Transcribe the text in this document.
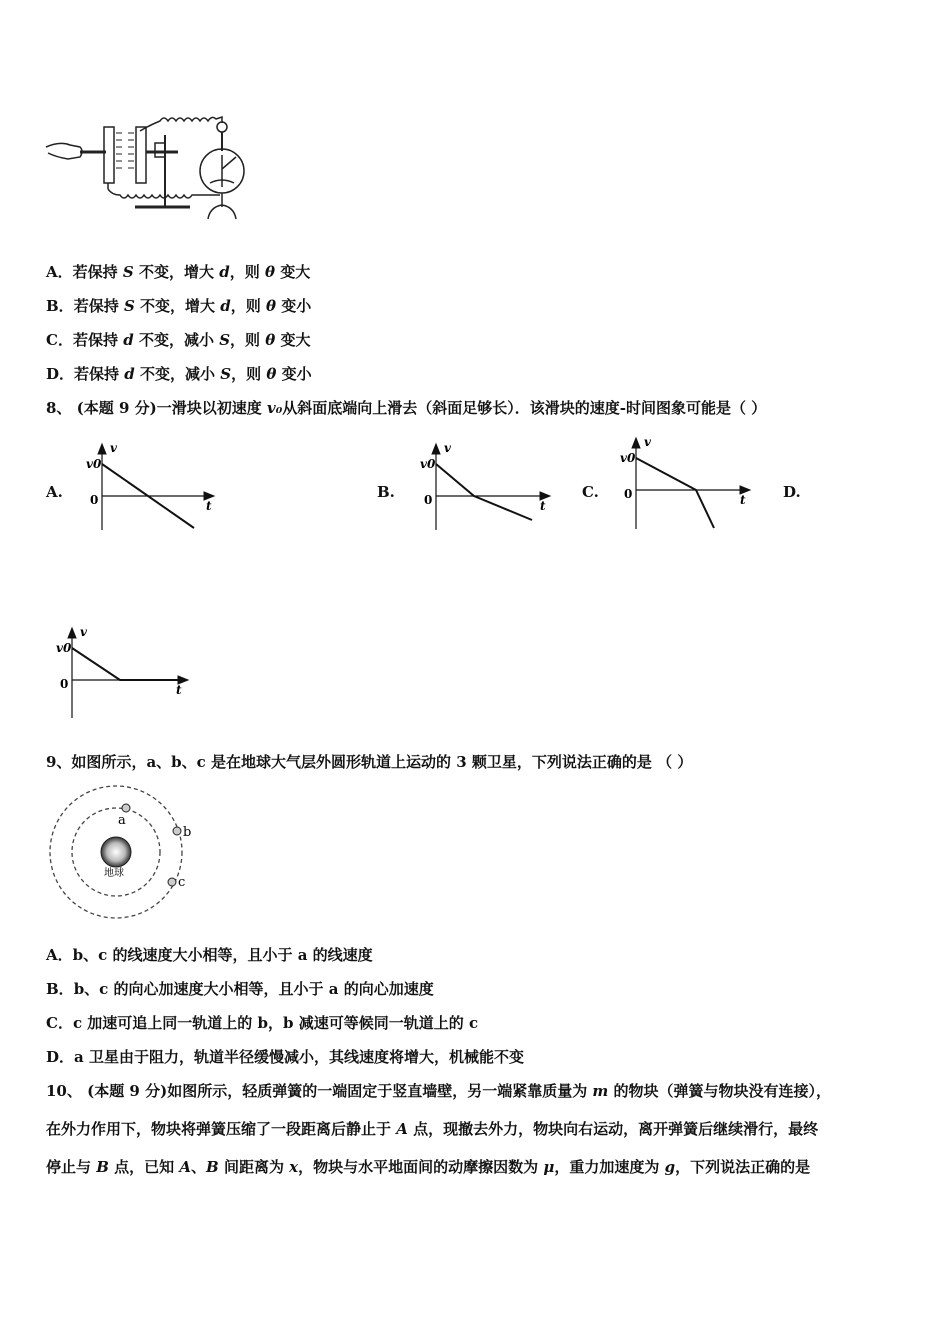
A．若保持 S 不变，增大 d，则 θ 变大
B．若保持 S 不变，增大 d，则 θ 变小
C．若保持 d 不变，减小 S，则 θ 变大
D．若保持 d 不变，减小 S，则 θ 变小
8、 (本题 9 分)一滑块以初速度 v₀从斜面底端向上滑去（斜面足够长）．该滑块的速度-时间图象可能是（ ）
A.	B.	C.	D.
v
v0
0	t
v
v0
0	t
v
v0
0	t
v
v0
0	t
9、如图所示，a、b、c 是在地球大气层外圆形轨道上运动的 3 颗卫星，下列说法正确的是 （ ）
地球
a
b
c
A．b、c 的线速度大小相等，且小于 a 的线速度
B．b、c 的向心加速度大小相等，且小于 a 的向心加速度
C．c 加速可追上同一轨道上的 b，b 减速可等候同一轨道上的 c
D．a 卫星由于阻力，轨道半径缓慢减小，其线速度将增大，机械能不变
10、 (本题 9 分)如图所示，轻质弹簧的一端固定于竖直墙壁，另一端紧靠质量为 m 的物块（弹簧与物块没有连接），
在外力作用下，物块将弹簧压缩了一段距离后静止于 A 点，现撤去外力，物块向右运动，离开弹簧后继续滑行，最终
停止与 B 点，已知 A、B 间距离为 x，物块与水平地面间的动摩擦因数为 μ，重力加速度为 g，下列说法正确的是
